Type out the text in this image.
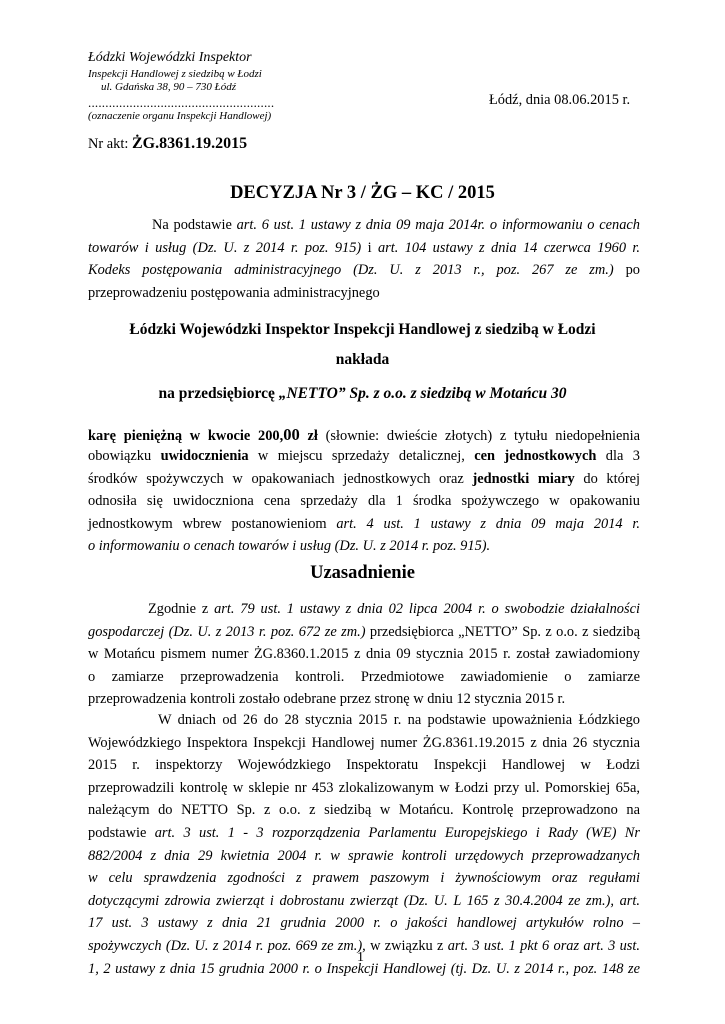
Łódzki Wojewódzki Inspektor
Inspekcji Handlowej z siedzibą w Łodzi
ul. Gdańska 38, 90 – 730 Łódź
......................................................
(oznaczenie organu Inspekcji Handlowej)
Łódź, dnia 08.06.2015 r.
Nr akt: ŻG.8361.19.2015
DECYZJA Nr 3 / ŻG – KC / 2015
Na podstawie art. 6 ust. 1 ustawy z dnia 09 maja 2014r. o informowaniu o cenach
towarów i usług (Dz. U. z 2014 r. poz. 915) i art. 104 ustawy z dnia 14 czerwca 1960 r.
Kodeks postępowania administracyjnego (Dz. U. z 2013 r., poz. 267 ze zm.) po
przeprowadzeniu postępowania administracyjnego
Łódzki Wojewódzki Inspektor Inspekcji Handlowej z siedzibą w Łodzi
nakłada
na przedsiębiorcę „NETTO” Sp. z o.o. z siedzibą w Motańcu 30
karę pieniężną w kwocie 200,00 zł (słownie: dwieście złotych) z tytułu niedopełnienia
obowiązku uwidocznienia w miejscu sprzedaży detalicznej, cen jednostkowych dla 3
środków spożywczych w opakowaniach jednostkowych oraz jednostki miary do której
odnosiła się uwidoczniona cena sprzedaży dla 1 środka spożywczego w opakowaniu
jednostkowym wbrew postanowieniom art. 4 ust. 1 ustawy z dnia 09 maja 2014 r.
o informowaniu o cenach towarów i usług (Dz. U. z 2014 r. poz. 915).
Uzasadnienie
Zgodnie z art. 79 ust. 1 ustawy z dnia 02 lipca 2004 r. o swobodzie działalności
gospodarczej (Dz. U. z 2013 r. poz. 672 ze zm.) przedsiębiorca „NETTO” Sp. z o.o. z siedzibą
w Motańcu pismem numer ŻG.8360.1.2015 z dnia 09 stycznia 2015 r. został zawiadomiony
o zamiarze przeprowadzenia kontroli. Przedmiotowe zawiadomienie o zamiarze
przeprowadzenia kontroli zostało odebrane przez stronę w dniu 12 stycznia 2015 r.
W dniach od 26 do 28 stycznia 2015 r. na podstawie upoważnienia Łódzkiego
Wojewódzkiego Inspektora Inspekcji Handlowej numer ŻG.8361.19.2015 z dnia 26 stycznia
2015 r. inspektorzy Wojewódzkiego Inspektoratu Inspekcji Handlowej w Łodzi
przeprowadzili kontrolę w sklepie nr 453 zlokalizowanym w Łodzi przy ul. Pomorskiej 65a,
należącym do NETTO Sp. z o.o. z siedzibą w Motańcu. Kontrolę przeprowadzono na
podstawie art. 3 ust. 1 - 3 rozporządzenia Parlamentu Europejskiego i Rady (WE) Nr
882/2004 z dnia 29 kwietnia 2004 r. w sprawie kontroli urzędowych przeprowadzanych
w celu sprawdzenia zgodności z prawem paszowym i żywnościowym oraz regułami
dotyczącymi zdrowia zwierząt i dobrostanu zwierząt (Dz. U. L 165 z 30.4.2004 ze zm.), art.
17 ust. 3 ustawy z dnia 21 grudnia 2000 r. o jakości handlowej artykułów rolno –
spożywczych (Dz. U. z 2014 r. poz. 669 ze zm.), w związku z art. 3 ust. 1 pkt 6 oraz art. 3 ust.
1, 2 ustawy z dnia 15 grudnia 2000 r. o Inspekcji Handlowej (tj. Dz. U. z 2014 r., poz. 148 ze
1
